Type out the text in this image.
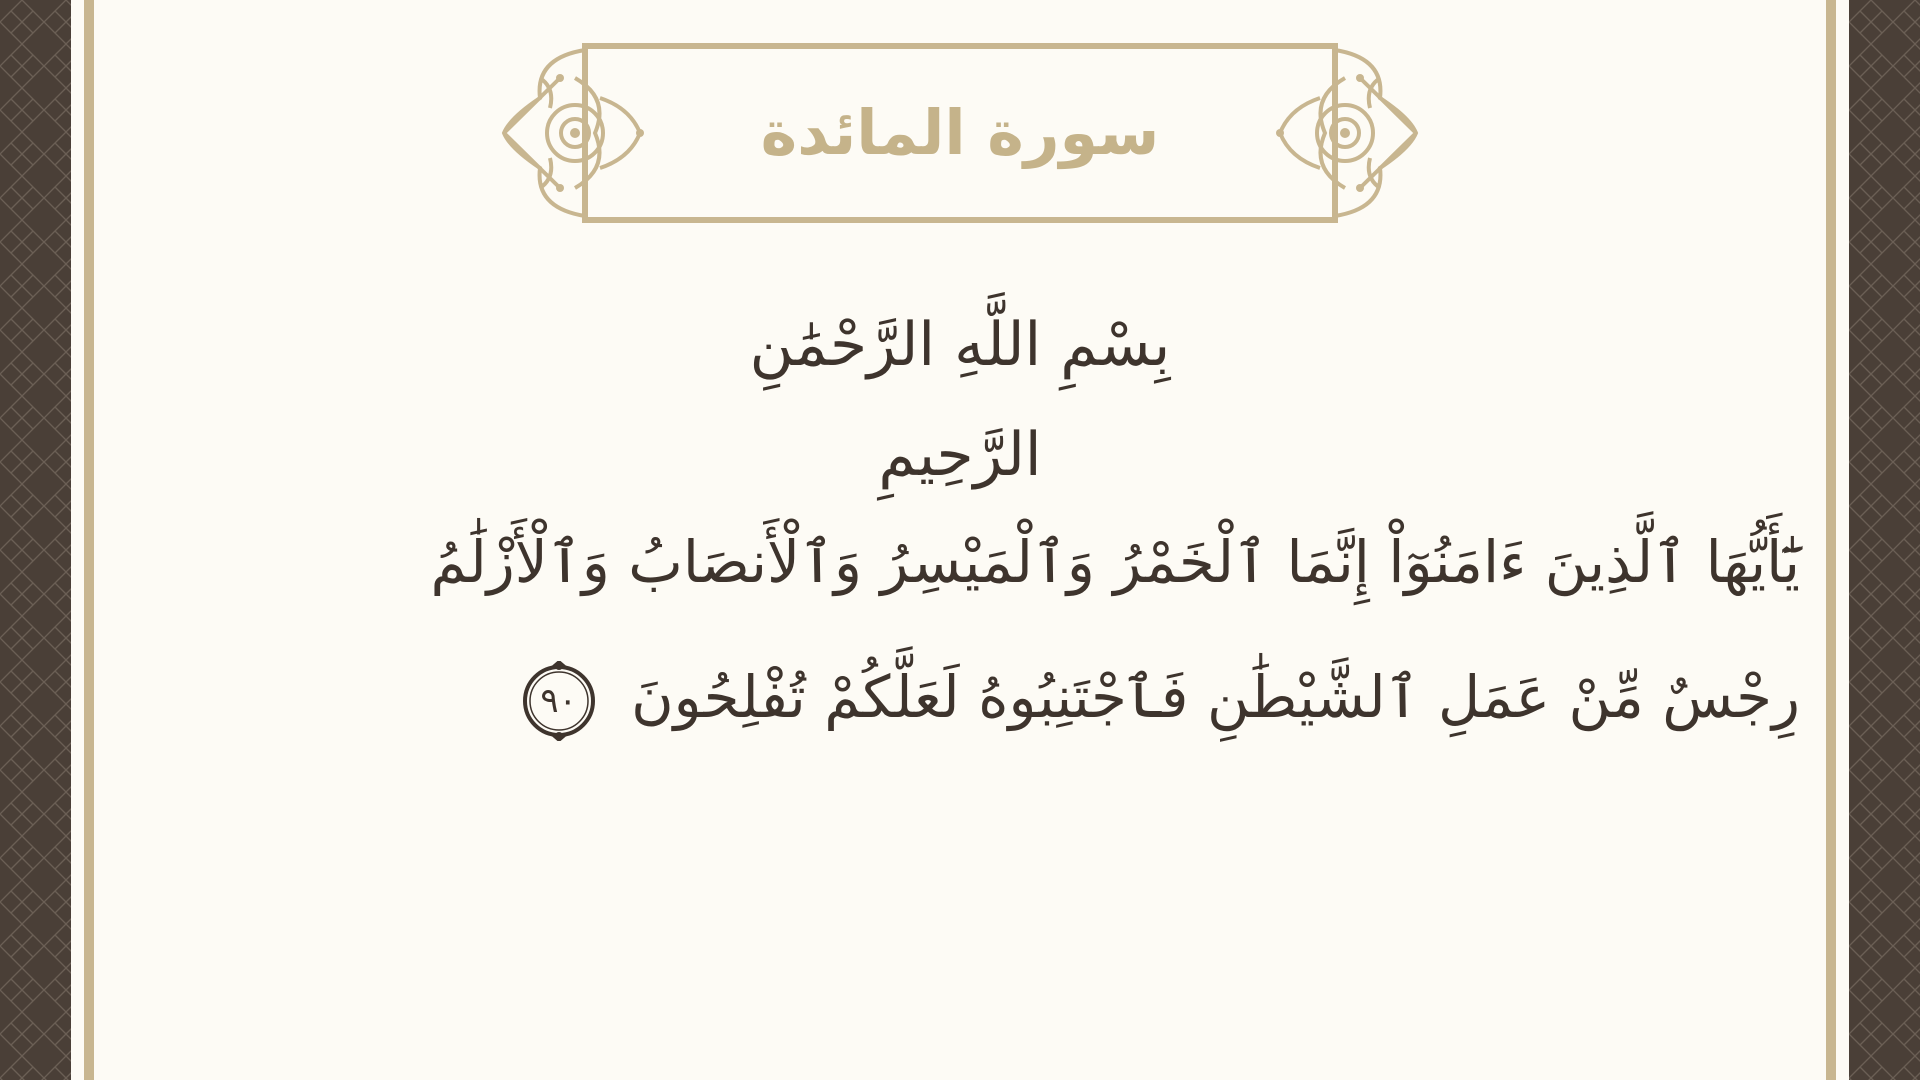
سورة المائدة
بِسْمِ اللَّهِ الرَّحْمَٰنِ الرَّحِيمِ
يَٰٓأَيُّهَا ٱلَّذِينَ ءَامَنُوٓاْ إِنَّمَا ٱلْخَمْرُ وَٱلْمَيْسِرُ وَٱلْأَنصَابُ وَٱلْأَزْلَٰمُ
رِجْسٌ مِّنْ عَمَلِ ٱلشَّيْطَٰنِ فَٱجْتَنِبُوهُ لَعَلَّكُمْ تُفْلِحُونَ
٩٠
